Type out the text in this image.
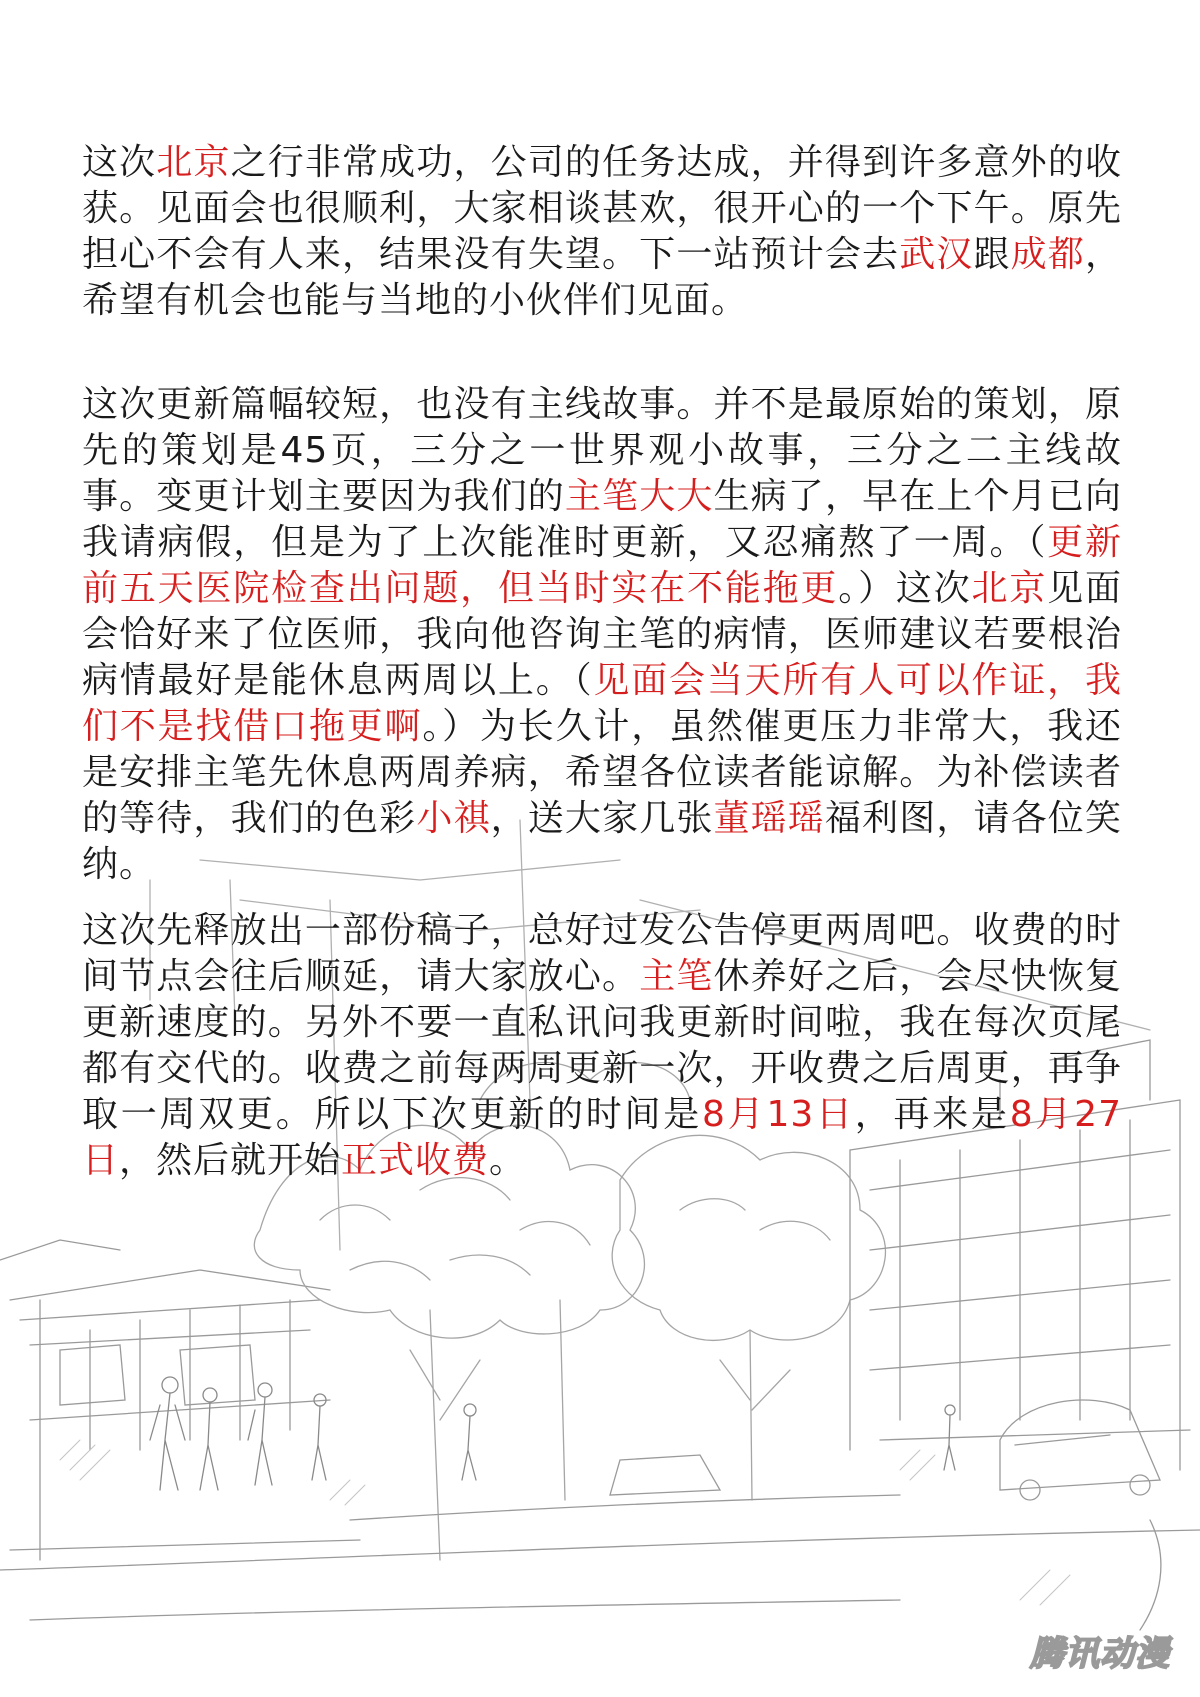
这次北京之行非常成功，公司的任务达成，并得到许多意外的收获。见面会也很顺利，大家相谈甚欢，很开心的一个下午。原先担心不会有人来，结果没有失望。下一站预计会去武汉跟成都，希望有机会也能与当地的小伙伴们见面。
这次更新篇幅较短，也没有主线故事。并不是最原始的策划，原先的策划是45页，三分之一世界观小故事，三分之二主线故事。变更计划主要因为我们的主笔大大生病了，早在上个月已向我请病假，但是为了上次能准时更新，又忍痛熬了一周。（更新前五天医院检查出问题，但当时实在不能拖更。）这次北京见面会恰好来了位医师，我向他咨询主笔的病情，医师建议若要根治病情最好是能休息两周以上。（见面会当天所有人可以作证，我们不是找借口拖更啊。）为长久计，虽然催更压力非常大，我还是安排主笔先休息两周养病，希望各位读者能谅解。为补偿读者的等待，我们的色彩小祺，送大家几张董瑶瑶福利图，请各位笑纳。
这次先释放出一部份稿子，总好过发公告停更两周吧。收费的时间节点会往后顺延，请大家放心。主笔休养好之后，会尽快恢复更新速度的。另外不要一直私讯问我更新时间啦，我在每次页尾都有交代的。收费之前每两周更新一次，开收费之后周更，再争取一周双更。所以下次更新的时间是8月13日，再来是8月27日，然后就开始正式收费。
腾讯动漫
